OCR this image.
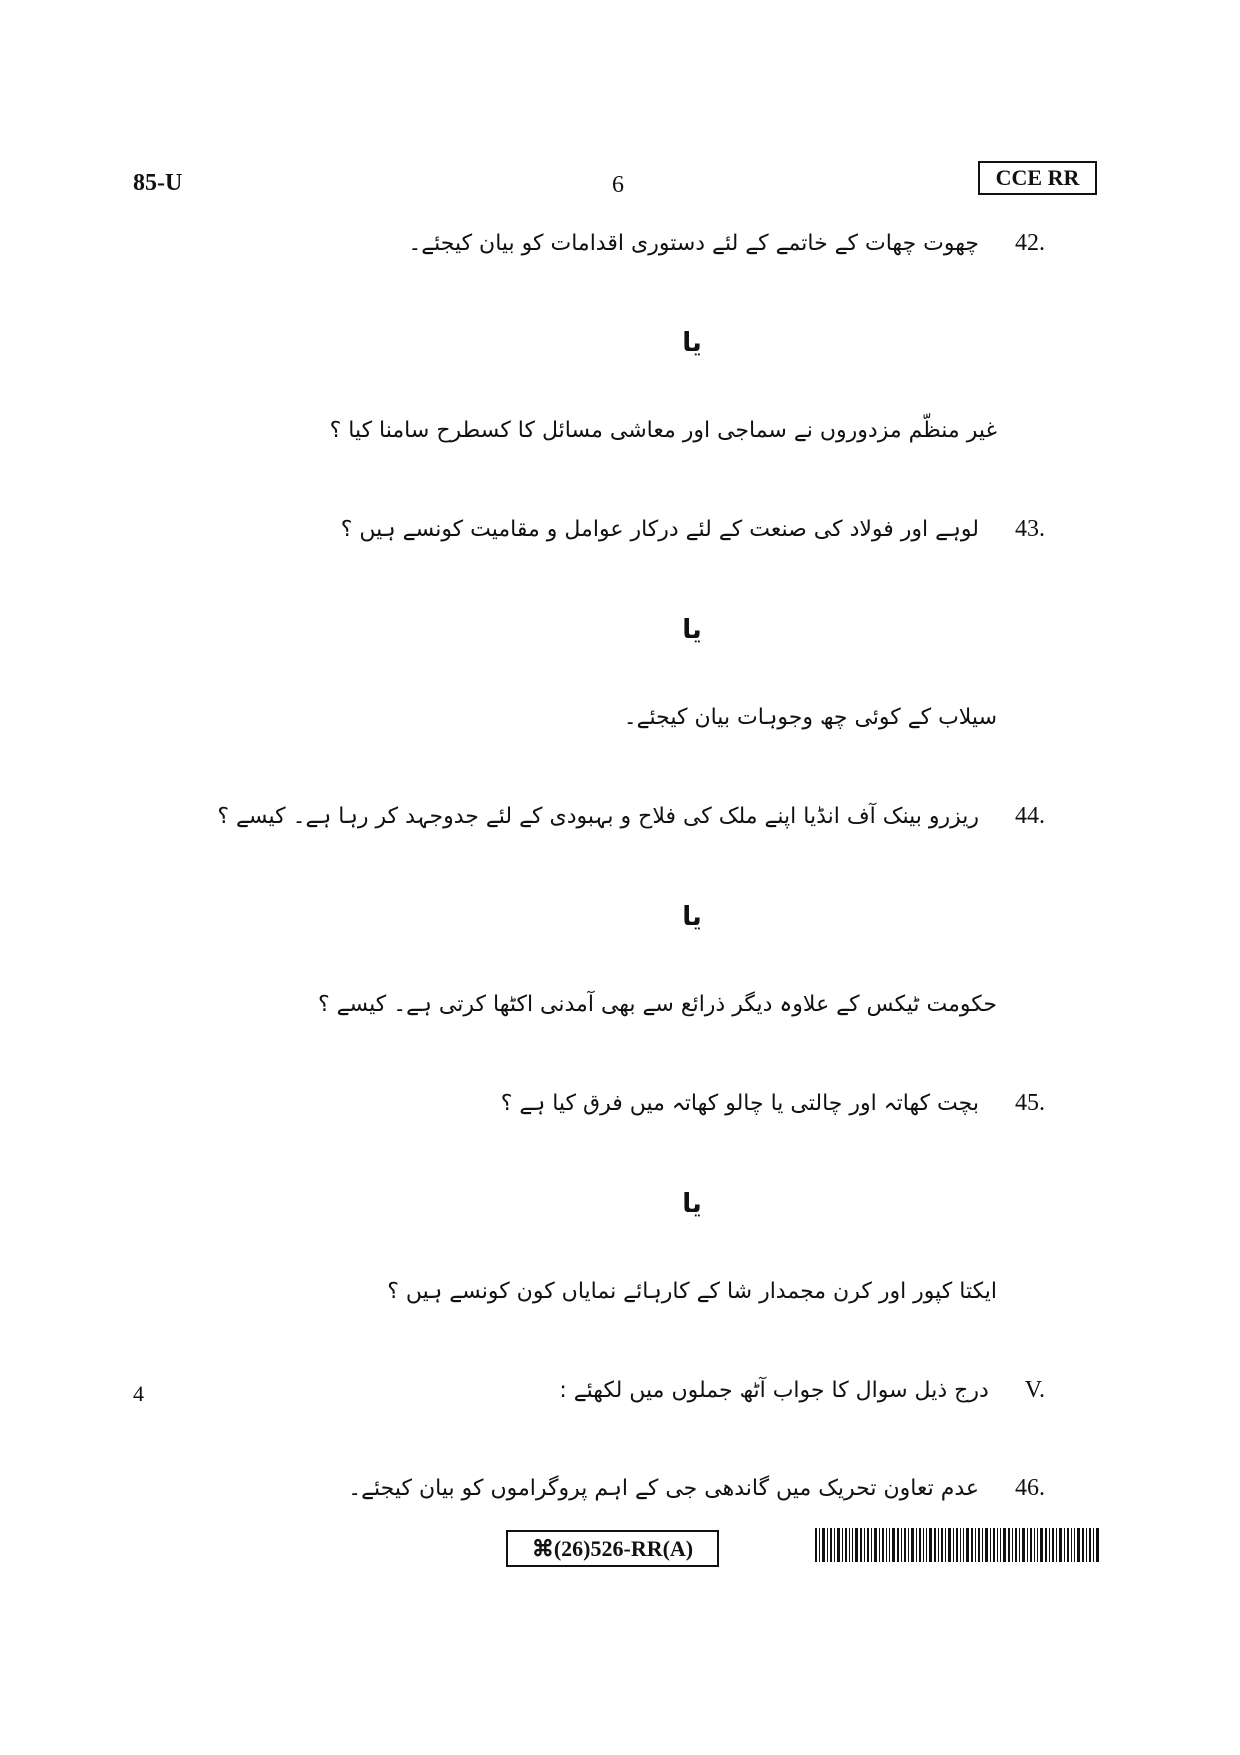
85-U	6	CCE RR
42.چھوت چھات کے خاتمے کے لئے دستوری اقدامات کو بیان کیجئے۔
یا
غیر منظّم مزدوروں نے سماجی اور معاشی مسائل کا کسطرح سامنا کیا ؟
43.لوہے اور فولاد کی صنعت کے لئے درکار عوامل و مقامیت کونسے ہیں ؟
یا
سیلاب کے کوئی چھ وجوہات بیان کیجئے۔
44.ریزرو بینک آف انڈیا اپنے ملک کی فلاح و بہبودی کے لئے جدوجہد کر رہا ہے۔ کیسے ؟
یا
حکومت ٹیکس کے علاوہ دیگر ذرائع سے بھی آمدنی اکٹھا کرتی ہے۔ کیسے ؟
45.بچت کھاتہ اور چالتی یا چالو کھاتہ میں فرق کیا ہے ؟
یا
ایکتا کپور اور کرن مجمدار شا کے کارہائے نمایاں کون کونسے ہیں ؟
V.درج ذیل سوال کا جواب آٹھ جملوں میں لکھئے :
4
46.عدم تعاون تحریک میں گاندھی جی کے اہم پروگراموں کو بیان کیجئے۔
⌘(26)526-RR(A)
